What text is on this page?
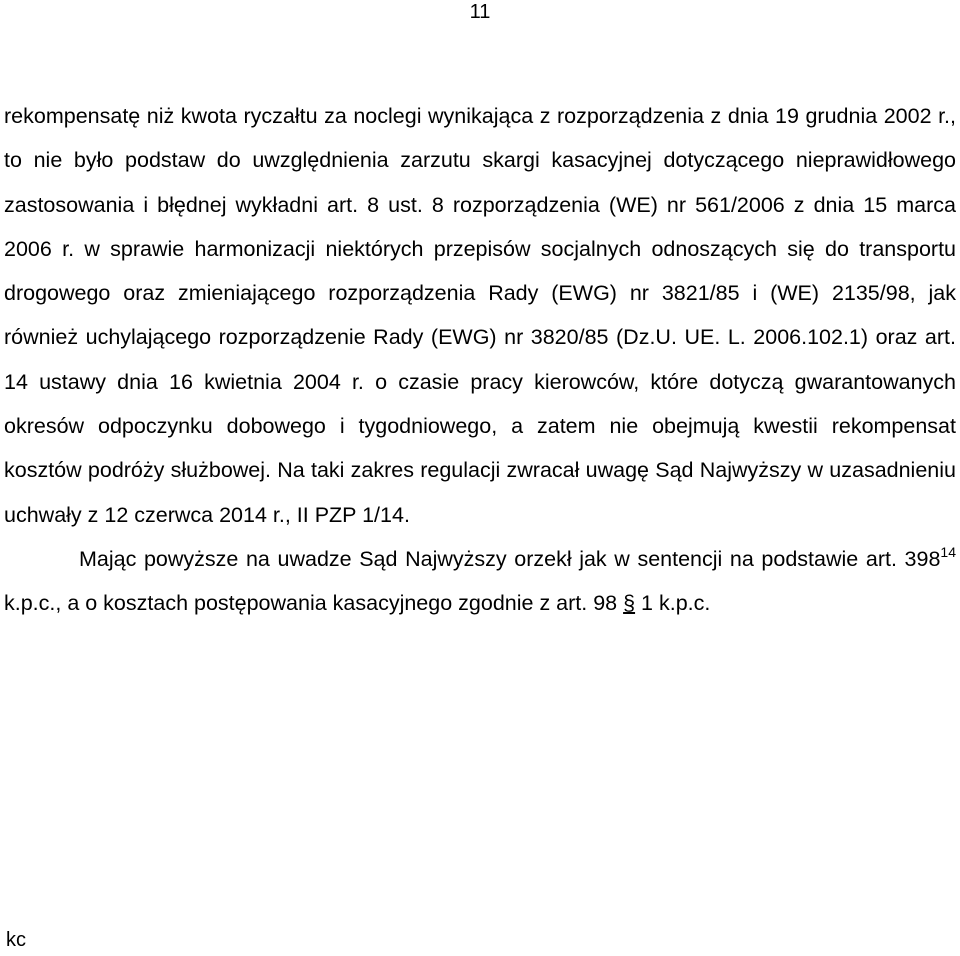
11

rekompensatę niż kwota ryczałtu za noclegi wynikająca z rozporządzenia z dnia 19 grudnia 2002 r., to nie było podstaw do uwzględnienia zarzutu skargi kasacyjnej dotyczącego nieprawidłowego zastosowania i błędnej wykładni art. 8 ust. 8 rozporządzenia (WE) nr 561/2006 z dnia 15 marca 2006 r. w sprawie harmonizacji niektórych przepisów socjalnych odnoszących się do transportu drogowego oraz zmieniającego rozporządzenia Rady (EWG) nr 3821/85 i (WE) 2135/98, jak również uchylającego rozporządzenie Rady (EWG) nr 3820/85 (Dz.U. UE. L. 2006.102.1) oraz art. 14 ustawy dnia 16 kwietnia 2004 r. o czasie pracy kierowców, które dotyczą gwarantowanych okresów odpoczynku dobowego i tygodniowego, a zatem nie obejmują kwestii rekompensat kosztów podróży służbowej. Na taki zakres regulacji zwracał uwagę Sąd Najwyższy w uzasadnieniu uchwały z 12 czerwca 2014 r., II PZP 1/14.

Mając powyższe na uwadze Sąd Najwyższy orzekł jak w sentencji na podstawie art. 398$^{14}$ k.p.c., a o kosztach postępowania kasacyjnego zgodnie z art. 98 § 1 k.p.c.

kc
